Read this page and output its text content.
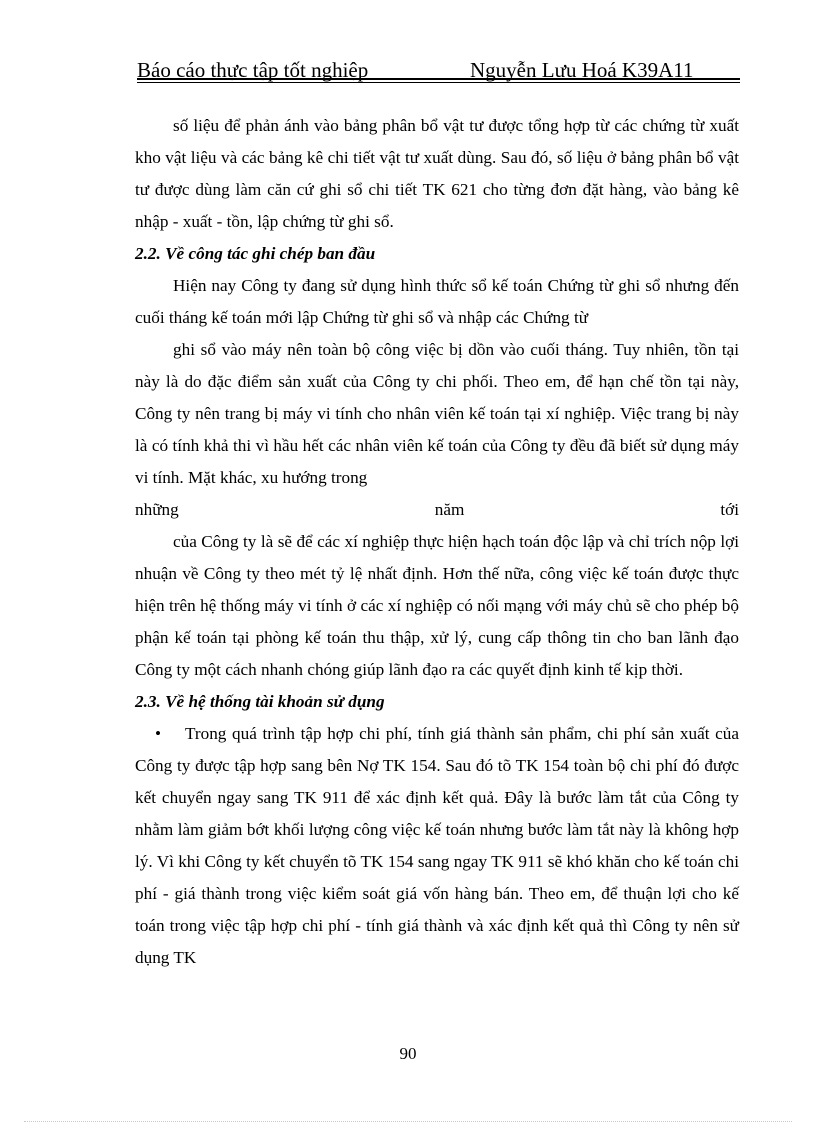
Báo cáo thực tập tốt nghiệp	Nguyễn Lưu Hoá K39A11

số liệu để phản ánh vào bảng phân bổ vật tư được tổng hợp từ các chứng từ xuất kho vật liệu và các bảng kê chi tiết vật tư xuất dùng. Sau đó, số liệu ở bảng phân bổ vật tư được dùng làm căn cứ ghi sổ chi tiết TK 621 cho từng đơn đặt hàng, vào bảng kê nhập - xuất - tồn, lập chứng từ ghi sổ.

2.2. Về công tác ghi chép ban đầu

Hiện nay Công ty đang sử dụng hình thức sổ kế toán Chứng từ ghi sổ nhưng đến cuối tháng kế toán mới lập Chứng từ ghi sổ và nhập các Chứng từ

ghi sổ vào máy nên toàn bộ công việc bị dồn vào cuối tháng. Tuy nhiên, tồn tại này là do đặc điểm sản xuất của Công ty chi phối. Theo em, để hạn chế tồn tại này, Công ty nên trang bị máy vi tính cho nhân viên kế toán tại xí nghiệp. Việc trang bị này là có tính khả thi vì hầu hết các nhân viên kế toán của Công ty đều đã biết sử dụng máy vi tính. Mặt khác, xu hướng trong

những	năm	tới

của Công ty là sẽ để các xí nghiệp thực hiện hạch toán độc lập và chỉ trích nộp lợi nhuận về Công ty theo mét tỷ lệ nhất định. Hơn thế nữa, công việc kế toán được thực hiện trên hệ thống máy vi tính ở các xí nghiệp có nối mạng với máy chủ sẽ cho phép bộ phận kế toán tại phòng kế toán thu thập, xử lý, cung cấp thông tin cho ban lãnh đạo Công ty một cách nhanh chóng giúp lãnh đạo ra các quyết định kinh tế kịp thời.

2.3. Về hệ thống tài khoản sử dụng

• Trong quá trình tập hợp chi phí, tính giá thành sản phẩm, chi phí sản xuất của Công ty được tập hợp sang bên Nợ TK 154. Sau đó tõ TK 154 toàn bộ chi phí đó được kết chuyển ngay sang TK 911 để xác định kết quả. Đây là bước làm tắt của Công ty nhằm làm giảm bớt khối lượng công việc kế toán nhưng bước làm tắt này là không hợp lý. Vì khi Công ty kết chuyển tõ TK 154 sang ngay TK 911 sẽ khó khăn cho kế toán chi phí - giá thành trong việc kiểm soát giá vốn hàng bán. Theo em, để thuận lợi cho kế toán trong việc tập hợp chi phí - tính giá thành và xác định kết quả thì Công ty nên sử dụng TK

90
